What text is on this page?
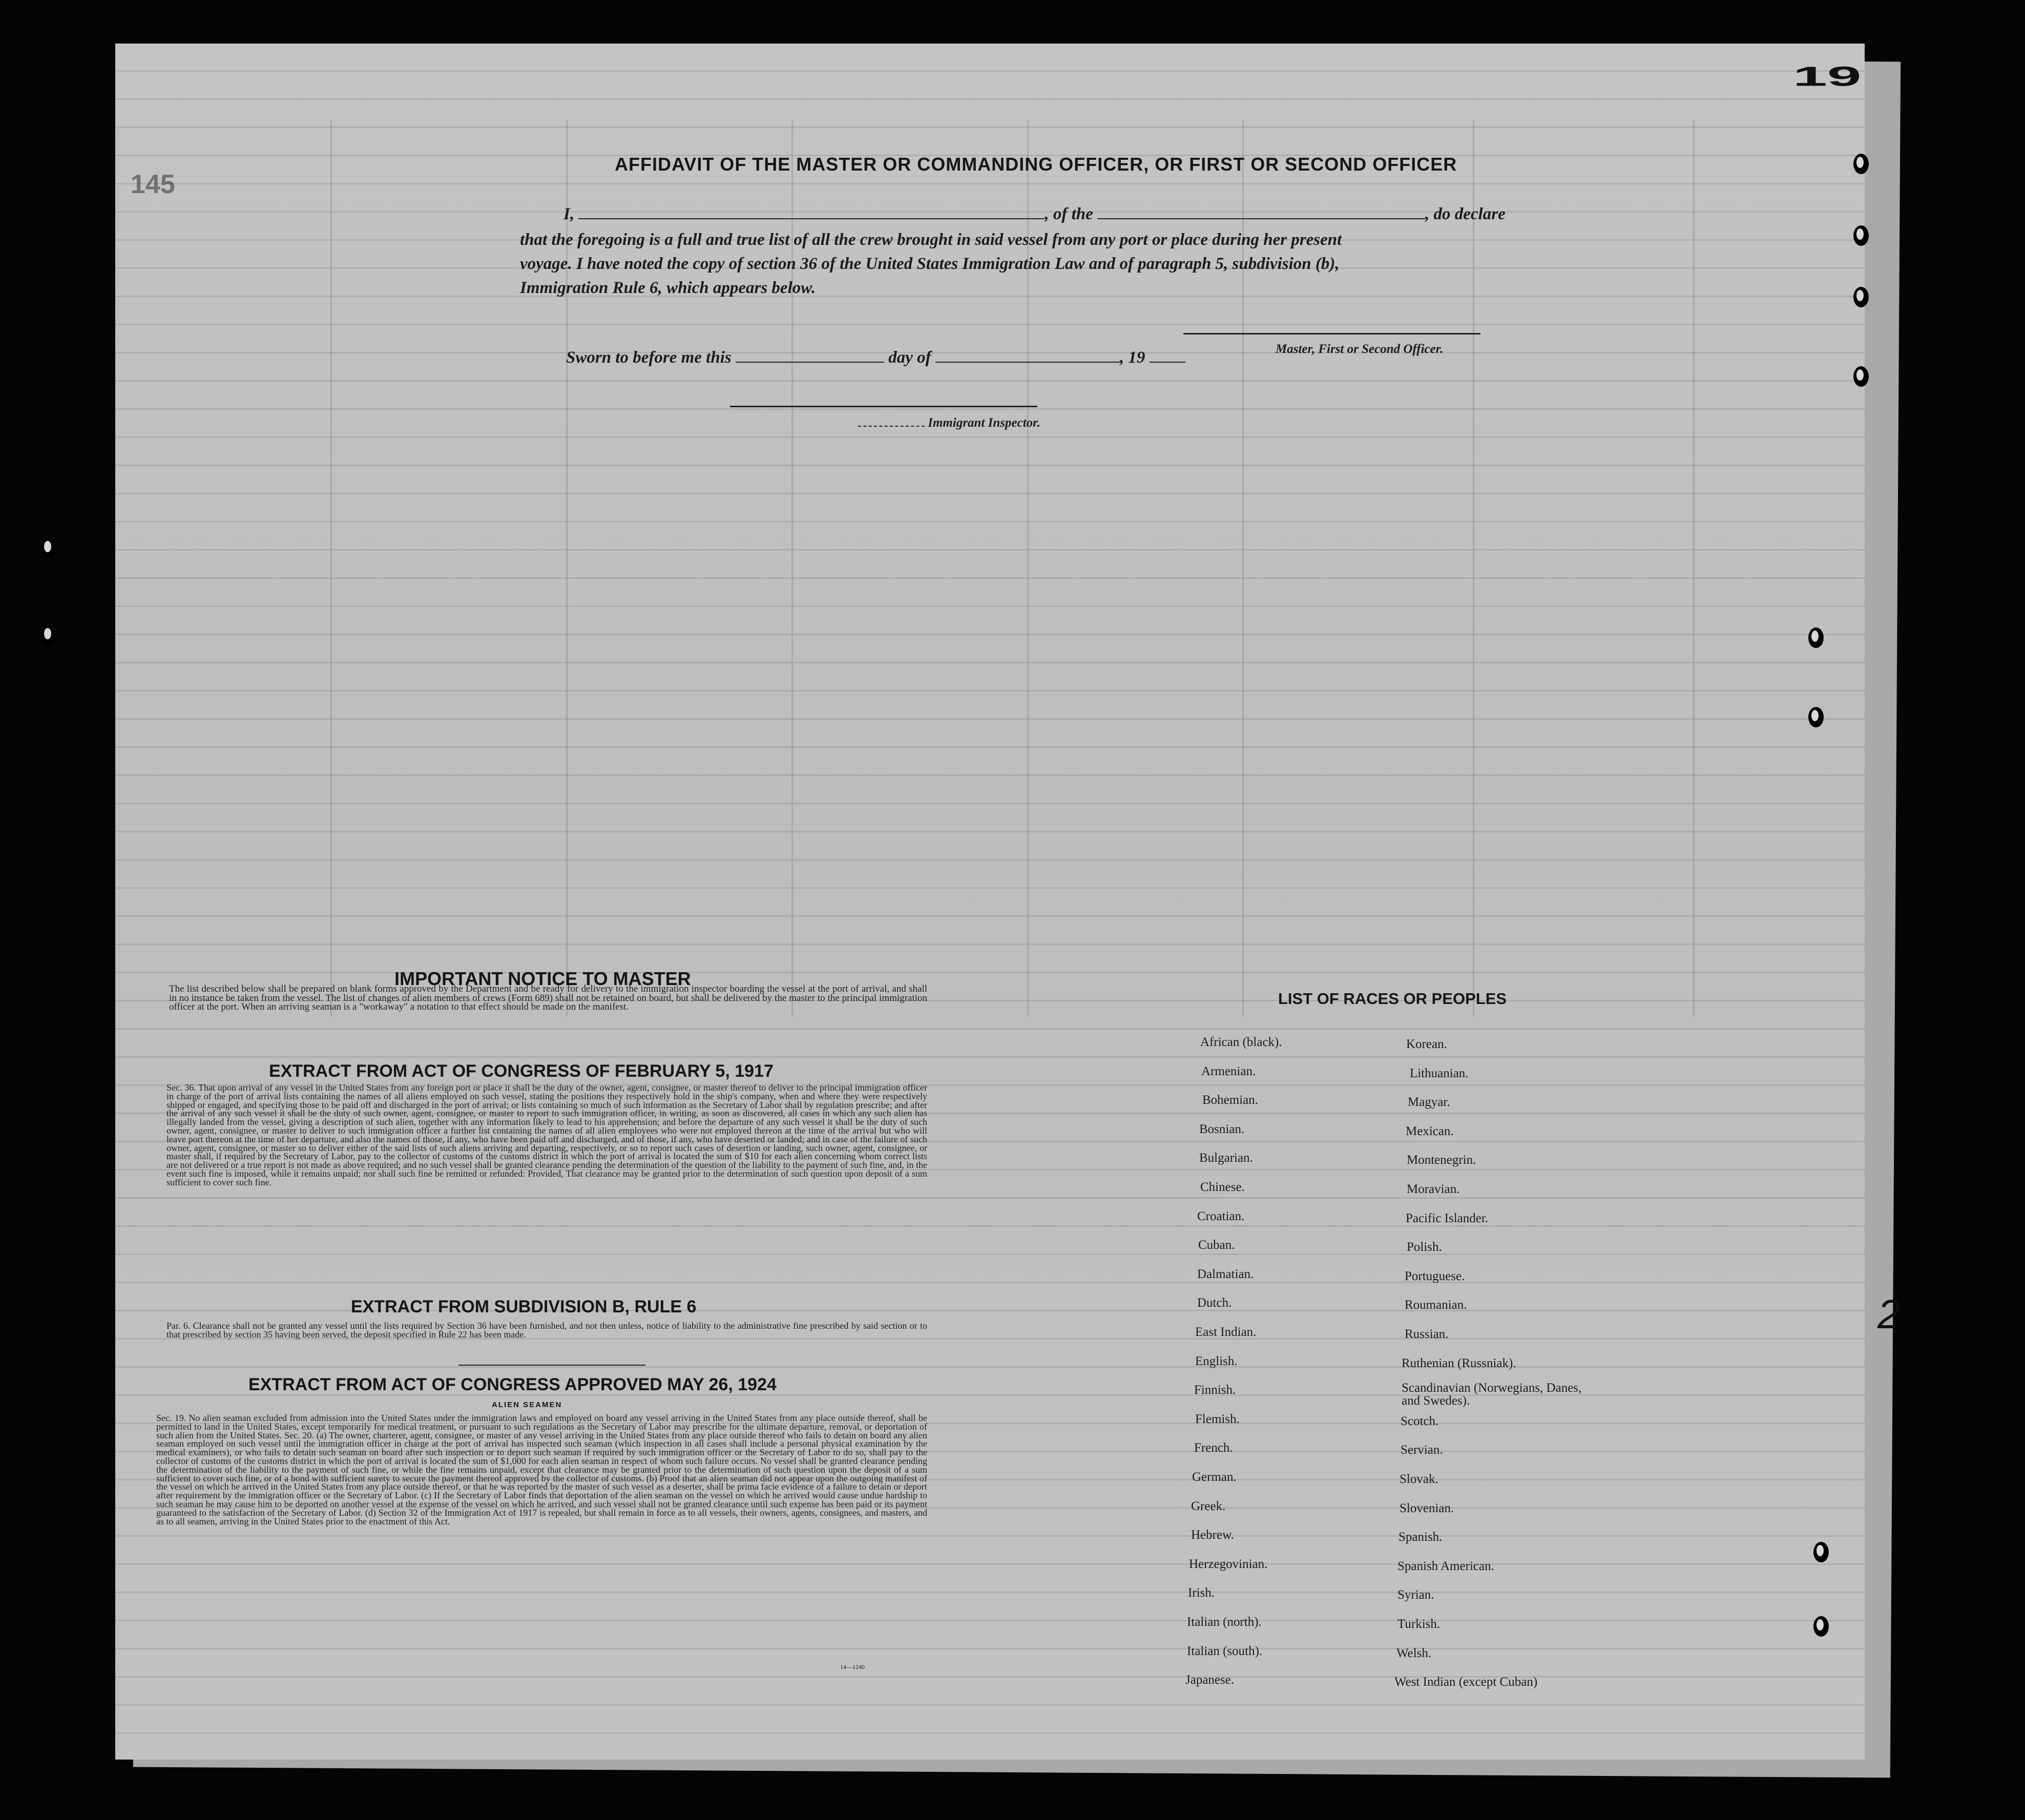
145
19
2
AFFIDAVIT OF THE MASTER OR COMMANDING OFFICER, OR FIRST OR SECOND OFFICER
I,	, of the	, do declare
that the foregoing is a full and true list of all the crew brought in said vessel from any port or place during her present
voyage. I have noted the copy of section 36 of the United States Immigration Law and of paragraph 5, subdivision (b),
Immigration Rule 6, which appears below.
Master, First or Second Officer.
Sworn to before me this	day of	, 19
Immigrant Inspector.
IMPORTANT NOTICE TO MASTER
The list described below shall be prepared on blank forms approved by the Department and be ready for delivery to the immigration inspector boarding the vessel at the port of arrival, and shall in no instance be taken from the vessel. The list of changes of alien members of crews (Form 689) shall not be retained on board, but shall be delivered by the master to the principal immigration officer at the port. When an arriving seaman is a "workaway" a notation to that effect should be made on the manifest.
EXTRACT FROM ACT OF CONGRESS OF FEBRUARY 5, 1917
Sec. 36. That upon arrival of any vessel in the United States from any foreign port or place it shall be the duty of the owner, agent, consignee, or master thereof to deliver to the principal immigration officer in charge of the port of arrival lists containing the names of all aliens employed on such vessel, stating the positions they respectively hold in the ship's company, when and where they were respectively shipped or engaged, and specifying those to be paid off and discharged in the port of arrival; or lists containing so much of such information as the Secretary of Labor shall by regulation prescribe; and after the arrival of any such vessel it shall be the duty of such owner, agent, consignee, or master to report to such immigration officer, in writing, as soon as discovered, all cases in which any such alien has illegally landed from the vessel, giving a description of such alien, together with any information likely to lead to his apprehension; and before the departure of any such vessel it shall be the duty of such owner, agent, consignee, or master to deliver to such immigration officer a further list containing the names of all alien employees who were not employed thereon at the time of the arrival but who will leave port thereon at the time of her departure, and also the names of those, if any, who have been paid off and discharged, and of those, if any, who have deserted or landed; and in case of the failure of such owner, agent, consignee, or master so to deliver either of the said lists of such aliens arriving and departing, respectively, or so to report such cases of desertion or landing, such owner, agent, consignee, or master shall, if required by the Secretary of Labor, pay to the collector of customs of the customs district in which the port of arrival is located the sum of $10 for each alien concerning whom correct lists are not delivered or a true report is not made as above required; and no such vessel shall be granted clearance pending the determination of the question of the liability to the payment of such fine, and, in the event such fine is imposed, while it remains unpaid; nor shall such fine be remitted or refunded: Provided, That clearance may be granted prior to the determination of such question upon deposit of a sum sufficient to cover such fine.
EXTRACT FROM SUBDIVISION B, RULE 6
Par. 6. Clearance shall not be granted any vessel until the lists required by Section 36 have been furnished, and not then unless, notice of liability to the administrative fine prescribed by said section or to that prescribed by section 35 having been served, the deposit specified in Rule 22 has been made.
EXTRACT FROM ACT OF CONGRESS APPROVED MAY 26, 1924
ALIEN SEAMEN
Sec. 19. No alien seaman excluded from admission into the United States under the immigration laws and employed on board any vessel arriving in the United States from any place outside thereof, shall be permitted to land in the United States, except temporarily for medical treatment, or pursuant to such regulations as the Secretary of Labor may prescribe for the ultimate departure, removal, or deportation of such alien from the United States. Sec. 20. (a) The owner, charterer, agent, consignee, or master of any vessel arriving in the United States from any place outside thereof who fails to detain on board any alien seaman employed on such vessel until the immigration officer in charge at the port of arrival has inspected such seaman (which inspection in all cases shall include a personal physical examination by the medical examiners), or who fails to detain such seaman on board after such inspection or to deport such seaman if required by such immigration officer or the Secretary of Labor to do so, shall pay to the collector of customs of the customs district in which the port of arrival is located the sum of $1,000 for each alien seaman in respect of whom such failure occurs. No vessel shall be granted clearance pending the determination of the liability to the payment of such fine, or while the fine remains unpaid, except that clearance may be granted prior to the determination of such question upon the deposit of a sum sufficient to cover such fine, or of a bond with sufficient surety to secure the payment thereof approved by the collector of customs. (b) Proof that an alien seaman did not appear upon the outgoing manifest of the vessel on which he arrived in the United States from any place outside thereof, or that he was reported by the master of such vessel as a deserter, shall be prima facie evidence of a failure to detain or deport after requirement by the immigration officer or the Secretary of Labor. (c) If the Secretary of Labor finds that deportation of the alien seaman on the vessel on which he arrived would cause undue hardship to such seaman he may cause him to be deported on another vessel at the expense of the vessel on which he arrived, and such vessel shall not be granted clearance until such expense has been paid or its payment guaranteed to the satisfaction of the Secretary of Labor. (d) Section 32 of the Immigration Act of 1917 is repealed, but shall remain in force as to all vessels, their owners, agents, consignees, and masters, and as to all seamen, arriving in the United States prior to the enactment of this Act.
14—1240
LIST OF RACES OR PEOPLES
African (black).
Armenian.
Bohemian.
Bosnian.
Bulgarian.
Chinese.
Croatian.
Cuban.
Dalmatian.
Dutch.
East Indian.
English.
Finnish.
Flemish.
French.
German.
Greek.
Hebrew.
Herzegovinian.
Irish.
Italian (north).
Italian (south).
Japanese.
Korean.
Lithuanian.
Magyar.
Mexican.
Montenegrin.
Moravian.
Pacific Islander.
Polish.
Portuguese.
Roumanian.
Russian.
Ruthenian (Russniak).
Scandinavian (Norwegians, Danes, and Swedes).
Scotch.
Servian.
Slovak.
Slovenian.
Spanish.
Spanish American.
Syrian.
Turkish.
Welsh.
West Indian (except Cuban)
